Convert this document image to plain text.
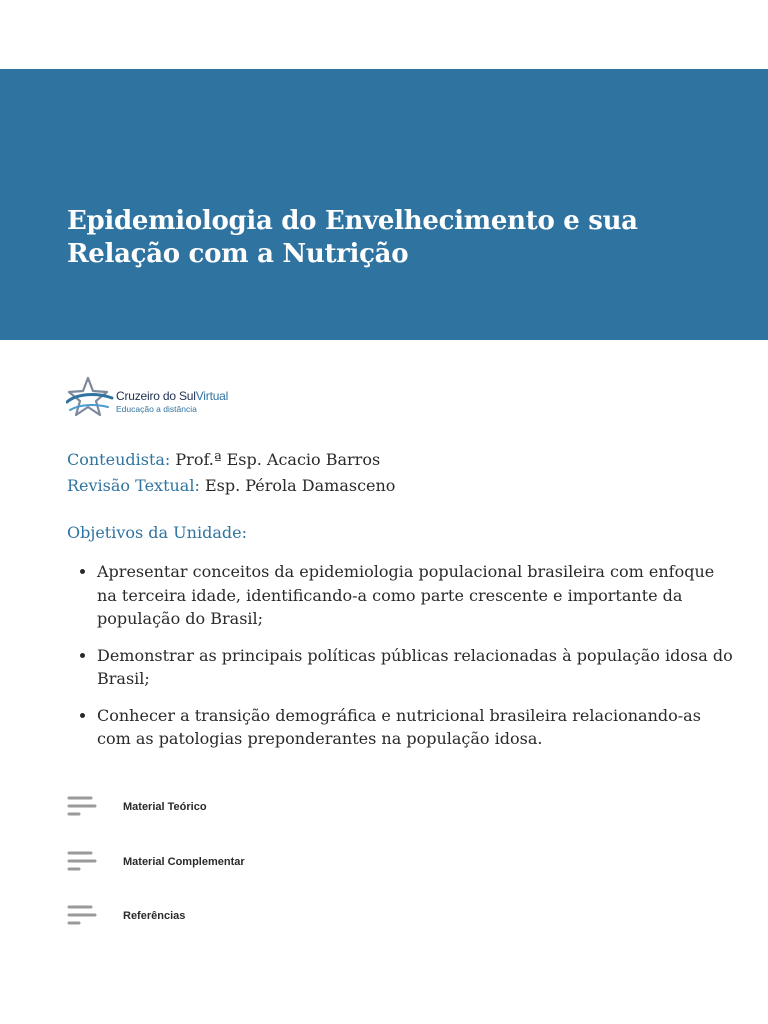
Epidemiologia do Envelhecimento e sua
Relação com a Nutrição
Cruzeiro do SulVirtual
Educação a distância
Conteudista: Prof.ª Esp. Acacio Barros
Revisão Textual: Esp. Pérola Damasceno
Objetivos da Unidade:
• Apresentar conceitos da epidemiologia populacional brasileira com enfoque na terceira idade, identificando-a como parte crescente e importante da população do Brasil;
• Demonstrar as principais políticas públicas relacionadas à população idosa do Brasil;
• Conhecer a transição demográfica e nutricional brasileira relacionando-as com as patologias preponderantes na população idosa.
Material Teórico
Material Complementar
Referências
